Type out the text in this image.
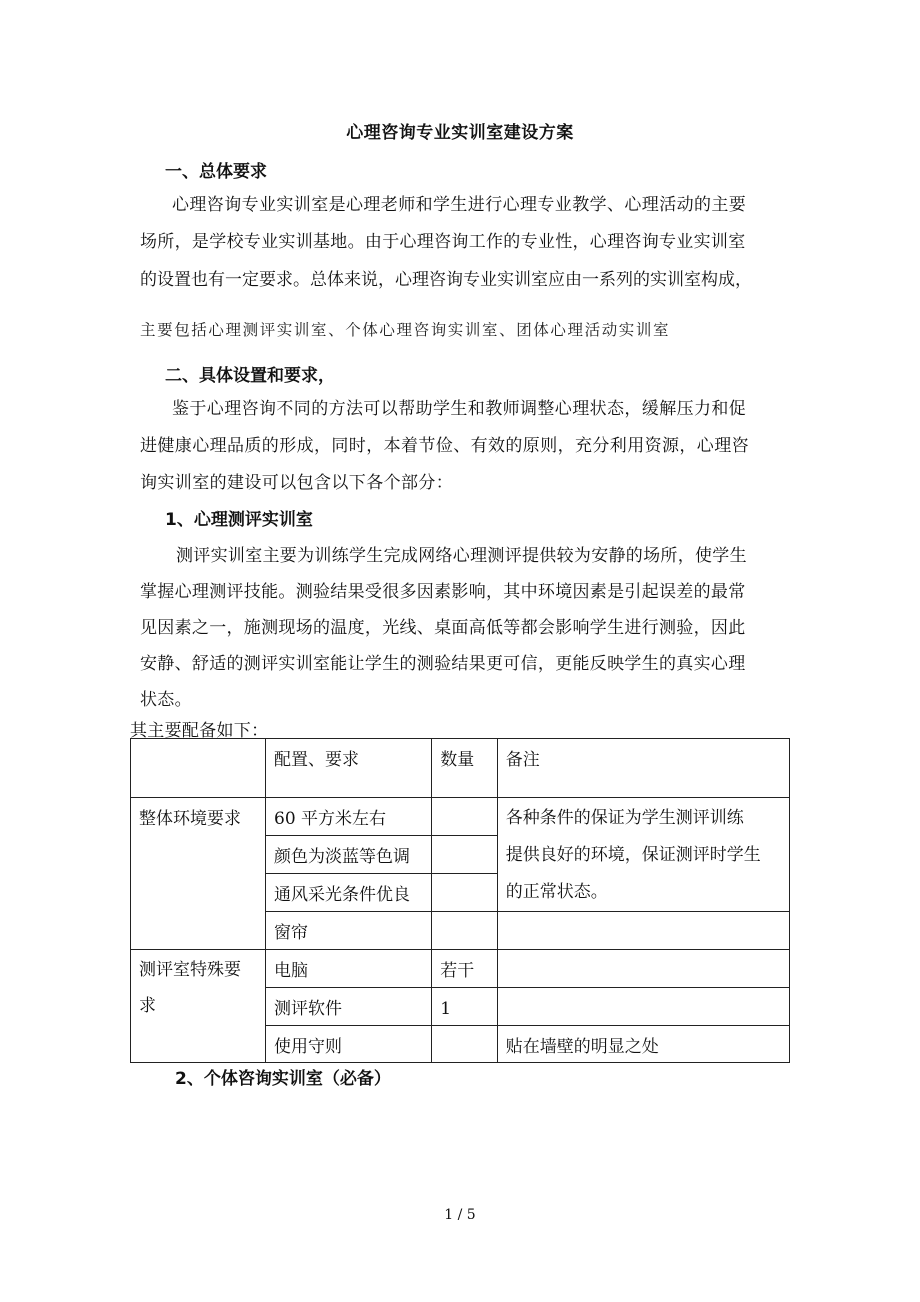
心理咨询专业实训室建设方案
一、总体要求
心理咨询专业实训室是心理老师和学生进行心理专业教学、心理活动的主要
场所，是学校专业实训基地。由于心理咨询工作的专业性，心理咨询专业实训室
的设置也有一定要求。总体来说，心理咨询专业实训室应由一系列的实训室构成，
主要包括心理测评实训室、个体心理咨询实训室、团体心理活动实训室
二、具体设置和要求，
鉴于心理咨询不同的方法可以帮助学生和教师调整心理状态，缓解压力和促
进健康心理品质的形成，同时，本着节俭、有效的原则，充分利用资源，心理咨
询实训室的建设可以包含以下各个部分：
1、心理测评实训室
测评实训室主要为训练学生完成网络心理测评提供较为安静的场所，使学生
掌握心理测评技能。测验结果受很多因素影响，其中环境因素是引起误差的最常
见因素之一，施测现场的温度，光线、桌面高低等都会影响学生进行测验，因此
安静、舒适的测评实训室能让学生的测验结果更可信，更能反映学生的真实心理
状态。
其主要配备如下：
	配置、要求	数量	备注
整体环境要求	60 平方米左右		各种条件的保证为学生测评训练
提供良好的环境，保证测评时学生
的正常状态。

	颜色为淡蓝等色调		
	通风采光条件优良		
	窗帘		

测评室特殊要
求	电脑	若干	
	测评软件	1	
	使用守则		贴在墙壁的明显之处
2、个体咨询实训室（必备）
1 / 5
